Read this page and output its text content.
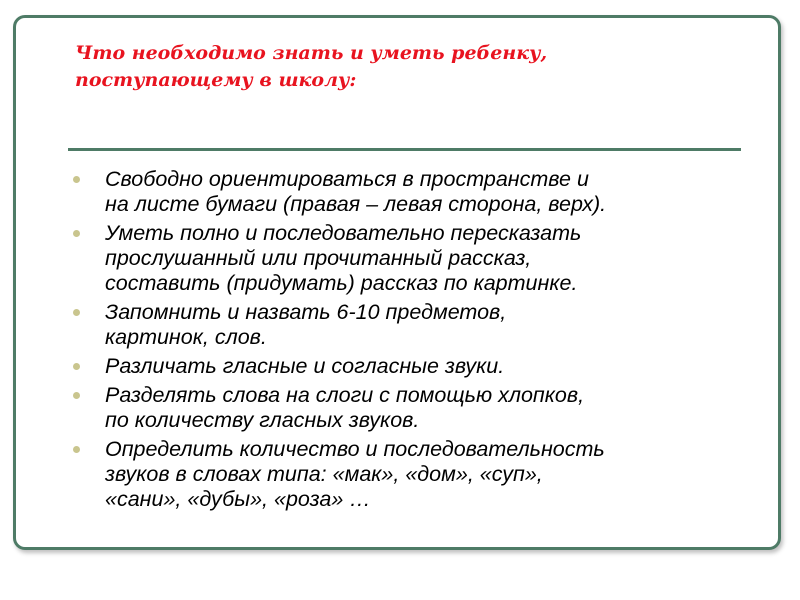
Что необходимо знать и уметь ребенку,
поступающему в школу:
Свободно ориентироваться в пространстве и
на листе бумаги (правая – левая сторона, верх).
Уметь полно и последовательно пересказать
прослушанный или прочитанный рассказ,
составить (придумать) рассказ по картинке.
Запомнить и назвать 6-10 предметов,
картинок, слов.
Различать гласные и согласные звуки.
Разделять слова на слоги с помощью хлопков,
по количеству гласных звуков.
Определить количество и последовательность
звуков в словах типа: «мак», «дом», «суп»,
«сани», «дубы», «роза» …
